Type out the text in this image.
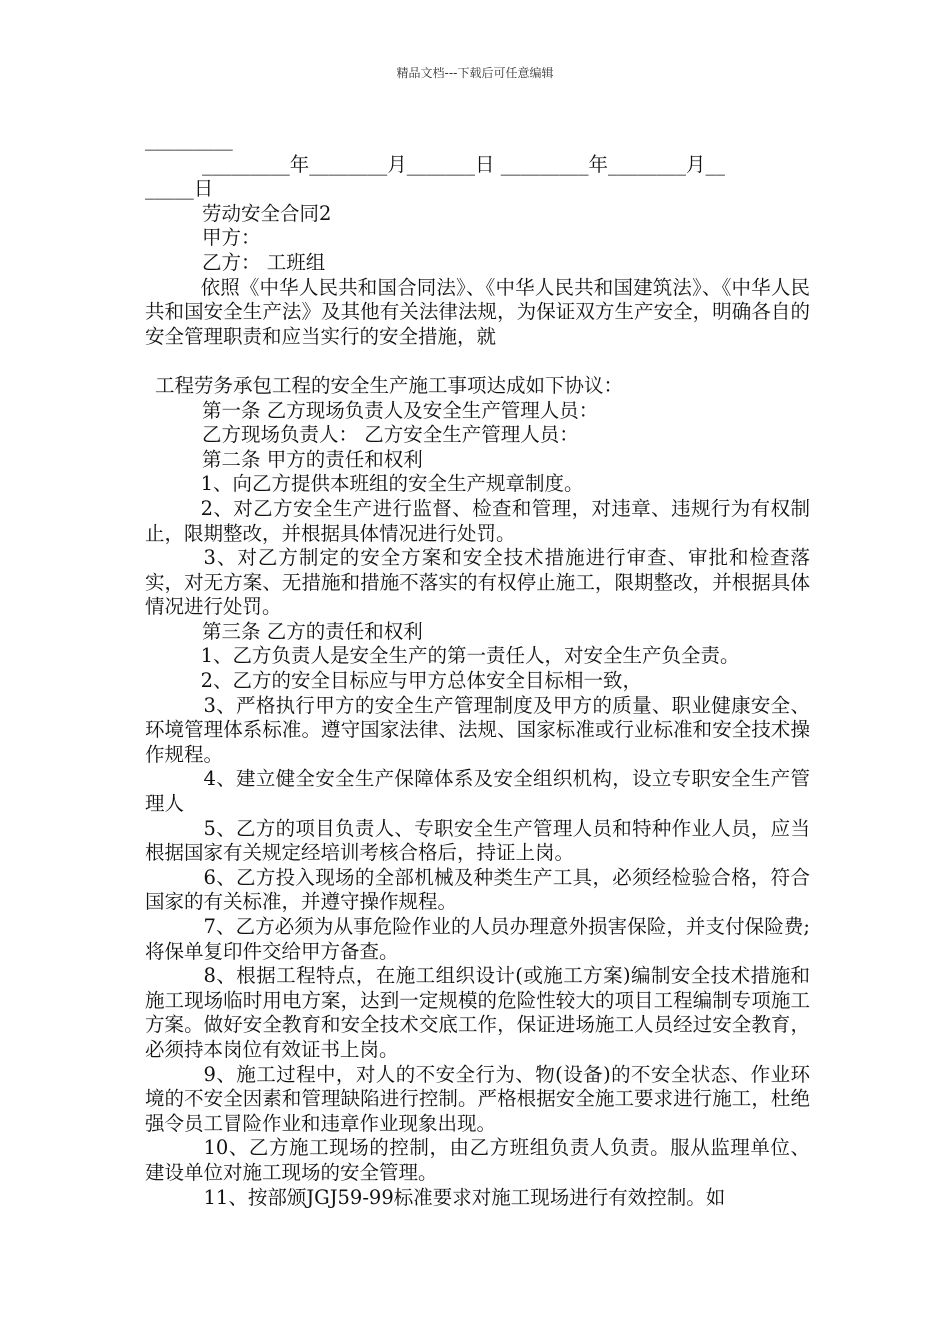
精品文档---下载后可任意编辑

_________

_________年________月_______日 _________年________月__

_____日

劳动安全合同2

甲方：

乙方： 工班组

依照《中华人民共和国合同法》、《中华人民共和国建筑法》、《中华人民共和国安全生产法》及其他有关法律法规，为保证双方生产安全，明确各自的安全管理职责和应当实行的安全措施，就

工程劳务承包工程的安全生产施工事项达成如下协议：

第一条 乙方现场负责人及安全生产管理人员：

乙方现场负责人： 乙方安全生产管理人员：

第二条 甲方的责任和权利

1、向乙方提供本班组的安全生产规章制度。

2、对乙方安全生产进行监督、检查和管理，对违章、违规行为有权制止，限期整改，并根据具体情况进行处罚。

3、对乙方制定的安全方案和安全技术措施进行审查、审批和检查落实，对无方案、无措施和措施不落实的有权停止施工，限期整改，并根据具体情况进行处罚。

第三条 乙方的责任和权利

1、乙方负责人是安全生产的第一责任人，对安全生产负全责。

2、乙方的安全目标应与甲方总体安全目标相一致，

3、严格执行甲方的安全生产管理制度及甲方的质量、职业健康安全、环境管理体系标准。遵守国家法律、法规、国家标准或行业标准和安全技术操作规程。

4、建立健全安全生产保障体系及安全组织机构，设立专职安全生产管理人

5、乙方的项目负责人、专职安全生产管理人员和特种作业人员，应当根据国家有关规定经培训考核合格后，持证上岗。

6、乙方投入现场的全部机械及种类生产工具，必须经检验合格，符合国家的有关标准，并遵守操作规程。

7、乙方必须为从事危险作业的人员办理意外损害保险，并支付保险费;将保单复印件交给甲方备查。

8、根据工程特点，在施工组织设计(或施工方案)编制安全技术措施和施工现场临时用电方案，达到一定规模的危险性较大的项目工程编制专项施工方案。做好安全教育和安全技术交底工作，保证进场施工人员经过安全教育，必须持本岗位有效证书上岗。

9、施工过程中，对人的不安全行为、物(设备)的不安全状态、作业环境的不安全因素和管理缺陷进行控制。严格根据安全施工要求进行施工，杜绝强令员工冒险作业和违章作业现象出现。

10、乙方施工现场的控制，由乙方班组负责人负责。服从监理单位、建设单位对施工现场的安全管理。

11、按部颁JGJ59-99标准要求对施工现场进行有效控制。如
